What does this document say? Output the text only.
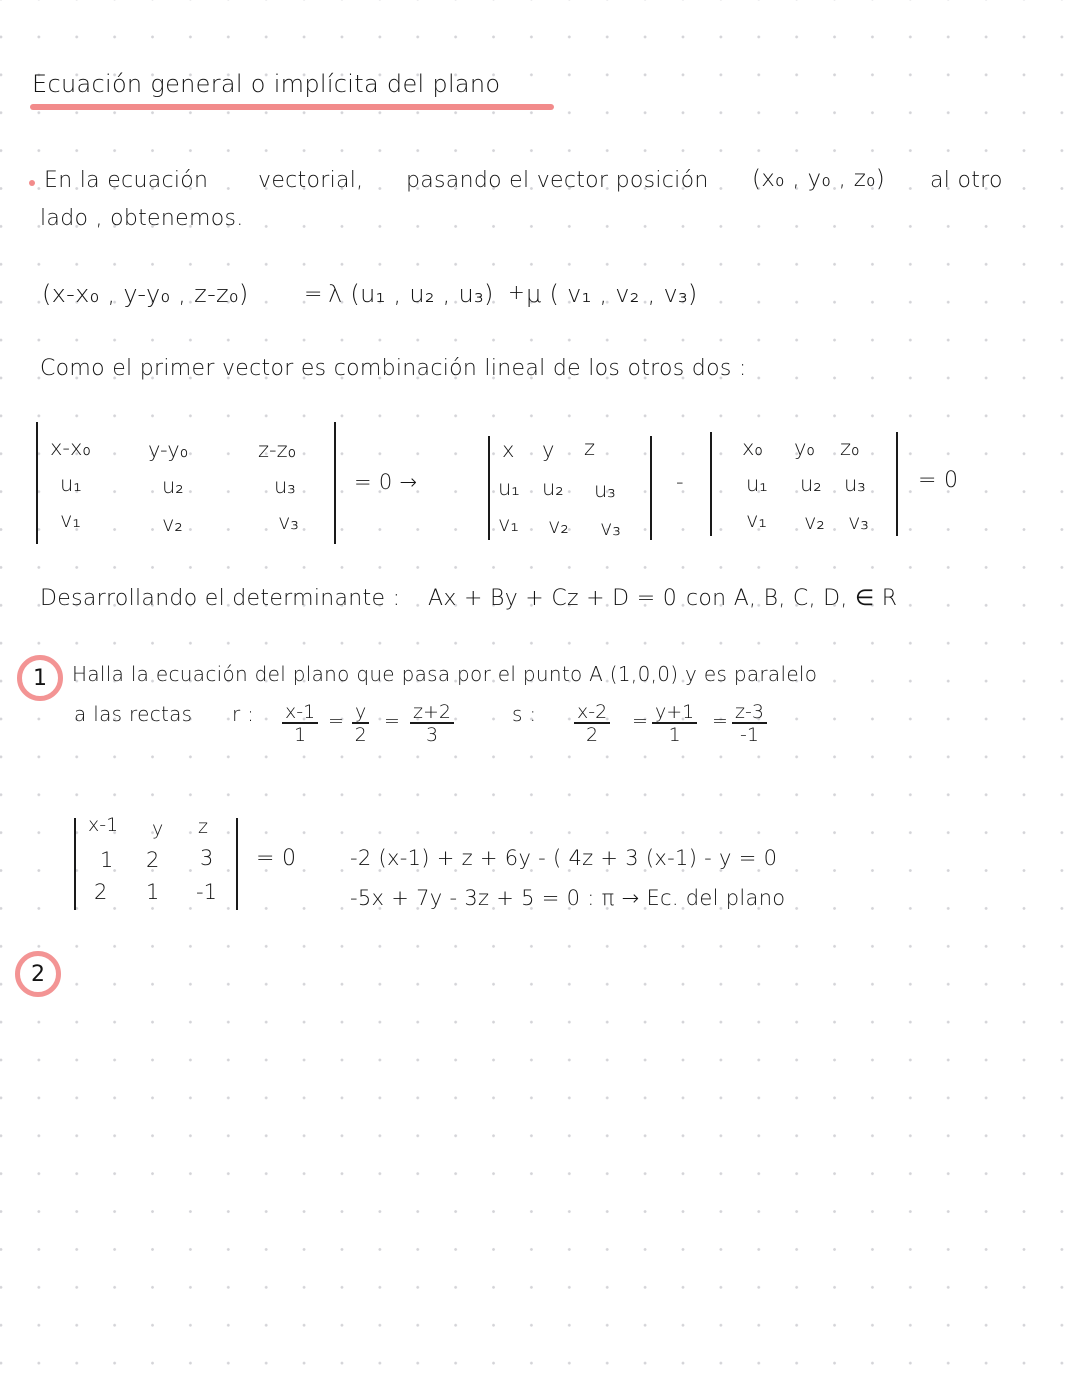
Ecuación general o implícita del plano
En la ecuación vectorial, pasando el vector posición (x₀ , y₀ , z₀) al otro
lado , obtenemos.
(x-x₀ , y-y₀ , z-z₀)	= λ (u₁ , u₂ , u₃) + μ ( v₁ , v₂ , v₃)
Como el primer vector es combinación lineal de los otros dos :
x-x₀	y-y₀	z-z₀
u₁	u₂	u₃
v₁	v₂	v₃
= 0 →
x y z
u₁ u₂ u₃
v₁ v₂ v₃
-
x₀ y₀ z₀
u₁ u₂ u₃
v₁ v₂ v₃
= 0
Desarrollando el determinante : Ax + By + Cz + D = 0 con A, B, C, D, ∈ R
1	Halla la ecuación del plano que pasa por el punto A (1,0,0) y es paralelo
a las rectas r : $\frac{x-1}{1} = \frac{y}{2} = \frac{z+2}{3}$	s : $\frac{x-2}{2} = \frac{y+1}{1} = \frac{z-3}{-1}$
x-1 y z
1 2 3
2 1 -1
= 0	-2 (x-1) + z + 6y - ( 4z + 3 (x-1) - y = 0
-5x + 7y - 3z + 5 = 0 : π → Ec. del plano
2
